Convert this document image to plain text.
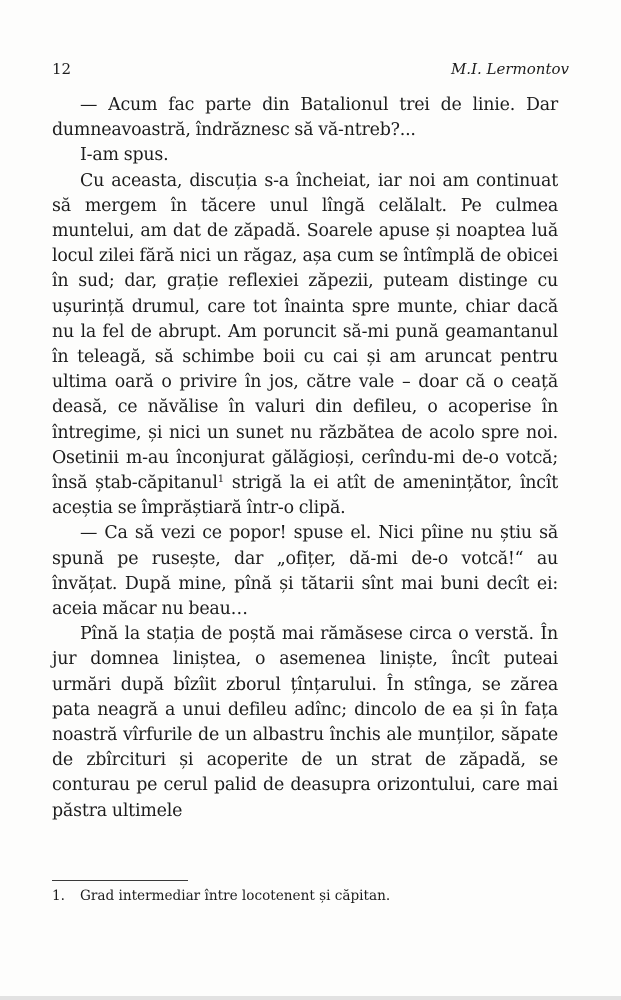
12	M.I. Lermontov

— Acum fac parte din Batalionul trei de linie. Dar dumneavoastră, îndrăznesc să vă-ntreb?...

I-am spus.

Cu aceasta, discuția s-a încheiat, iar noi am continuat să mergem în tăcere unul lîngă celălalt. Pe culmea muntelui, am dat de zăpadă. Soarele apuse și noaptea luă locul zilei fără nici un răgaz, așa cum se întîmplă de obicei în sud; dar, grație reflexiei zăpezii, puteam distinge cu ușurință drumul, care tot înainta spre munte, chiar dacă nu la fel de abrupt. Am poruncit să-mi pună geamantanul în teleagă, să schimbe boii cu cai și am aruncat pentru ultima oară o privire în jos, către vale – doar că o ceață deasă, ce năvălise în valuri din defileu, o acoperise în întregime, și nici un sunet nu răzbătea de acolo spre noi. Osetinii m-au înconjurat gălăgioși, cerîndu-mi de-o votcă; însă ștab-căpitanul$^1$ strigă la ei atît de amenințător, încît aceștia se împrăștiară într-o clipă.

— Ca să vezi ce popor! spuse el. Nici pîine nu știu să spună pe rusește, dar „ofițer, dă-mi de-o votcă!“ au învățat. După mine, pînă și tătarii sînt mai buni decît ei: aceia măcar nu beau…

Pînă la stația de poștă mai rămăsese circa o verstă. În jur domnea liniștea, o asemenea liniște, încît puteai urmări după bîzîit zborul țînțarului. În stînga, se zărea pata neagră a unui defileu adînc; dincolo de ea și în fața noastră vîrfurile de un albastru închis ale munților, săpate de zbîrcituri și acoperite de un strat de zăpadă, se conturau pe cerul palid de deasupra orizontului, care mai păstra ultimele

1. Grad intermediar între locotenent și căpitan.
